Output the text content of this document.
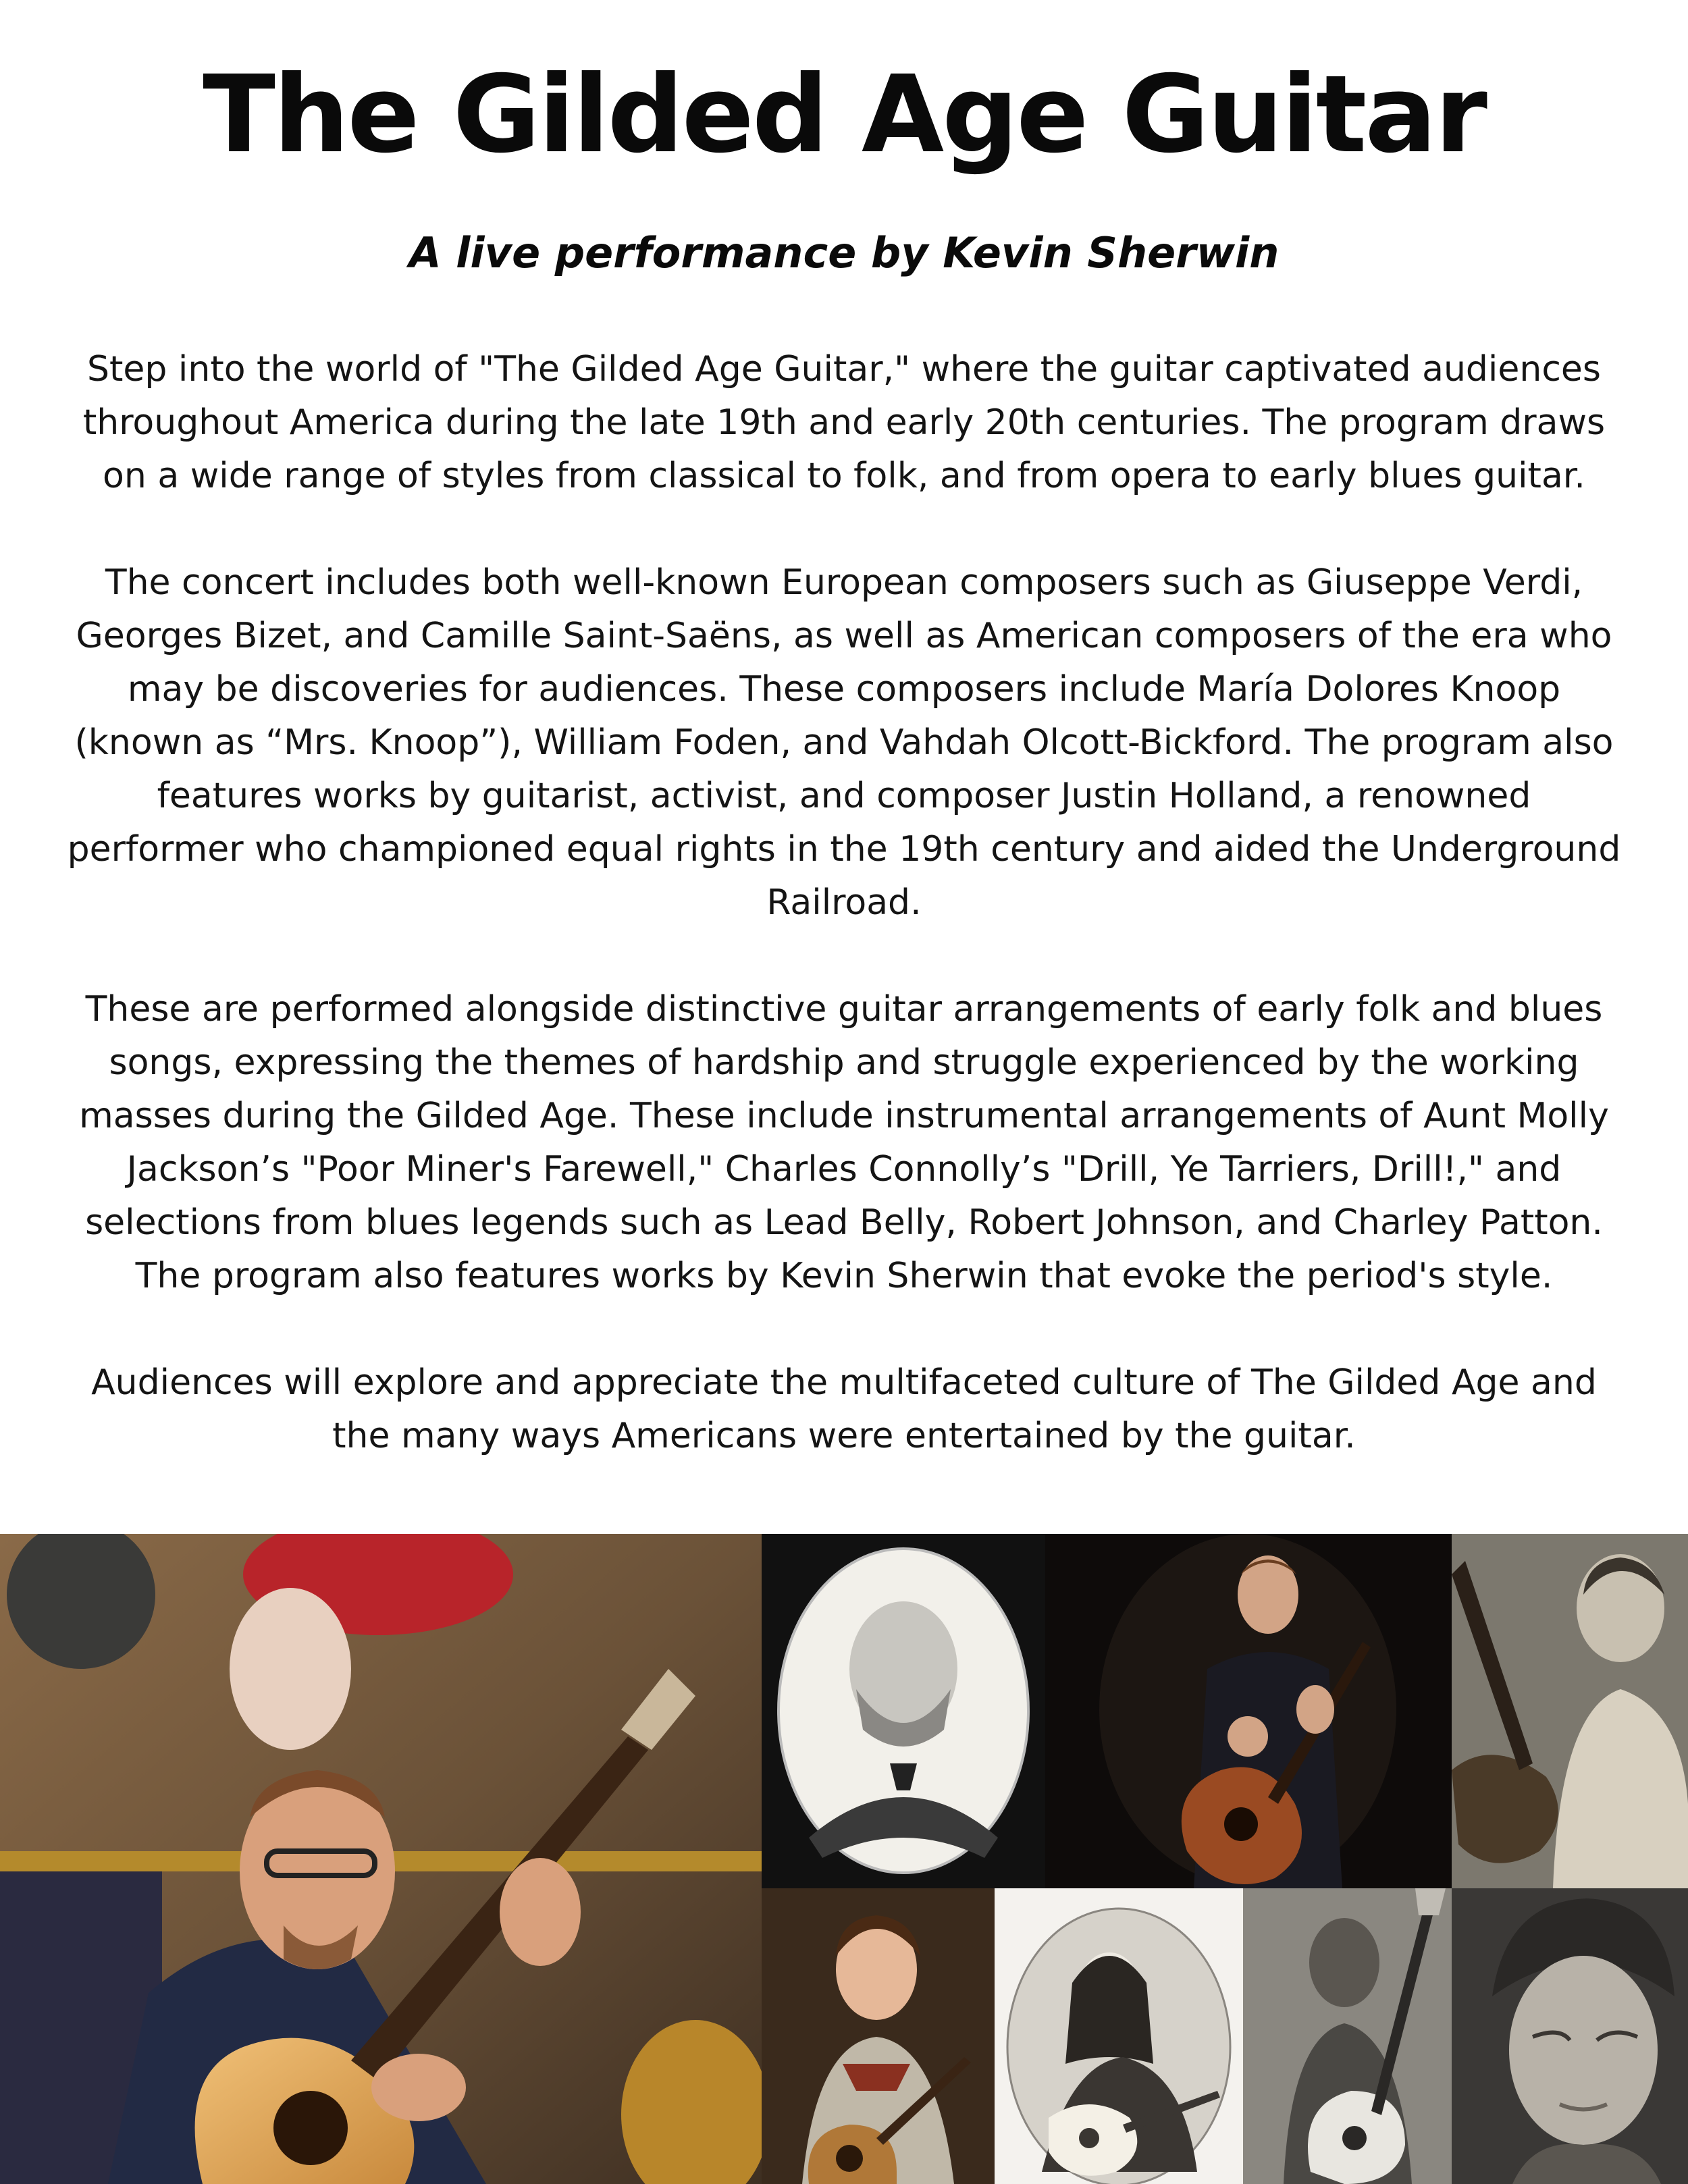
The Gilded Age Guitar
A live performance by Kevin Sherwin

Step into the world of "The Gilded Age Guitar," where the guitar captivated audiences throughout America during the late 19th and early 20th centuries. The program draws on a wide range of styles from classical to folk, and from opera to early blues guitar.

The concert includes both well-known European composers such as Giuseppe Verdi, Georges Bizet, and Camille Saint-Saëns, as well as American composers of the era who may be discoveries for audiences. These composers include María Dolores Knoop (known as “Mrs. Knoop”), William Foden, and Vahdah Olcott-Bickford. The program also features works by guitarist, activist, and composer Justin Holland, a renowned performer who championed equal rights in the 19th century and aided the Underground Railroad.

These are performed alongside distinctive guitar arrangements of early folk and blues songs, expressing the themes of hardship and struggle experienced by the working masses during the Gilded Age. These include instrumental arrangements of Aunt Molly Jackson’s "Poor Miner's Farewell," Charles Connolly’s "Drill, Ye Tarriers, Drill!," and selections from blues legends such as Lead Belly, Robert Johnson, and Charley Patton. The program also features works by Kevin Sherwin that evoke the period's style.

Audiences will explore and appreciate the multifaceted culture of The Gilded Age and the many ways Americans were entertained by the guitar.
